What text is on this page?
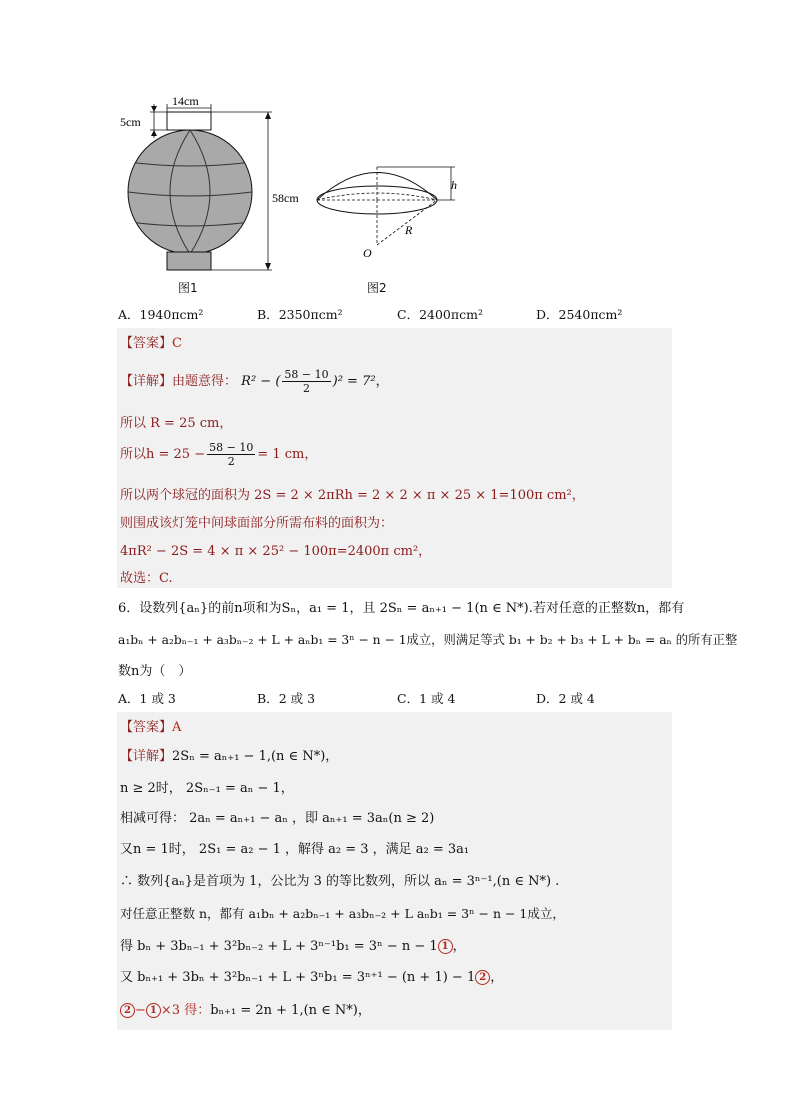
14cm
5cm
58cm
图1
h
R
O
图2
A．1940πcm²	B．2350πcm²	C．2400πcm²	D．2540πcm²
【答案】C
【详解】由题意得： R² − ( $\frac{58 - 10}{2} )^2 = 7^2$，
所以 R = 25 cm，
所以$h = 25 - \frac{58 - 10}{2} = 1$ cm，
所以两个球冠的面积为 2S = 2 × 2πRh = 2 × 2 × π × 25 × 1=100π cm²，
则围成该灯笼中间球面部分所需布料的面积为：
4πR² − 2S = 4 × π × 25² − 100π=2400π cm²，
故选：C.
6．设数列{aₙ}的前n项和为Sₙ，a₁ = 1，且 2Sₙ = aₙ₊₁ − 1(n ∈ N*).若对任意的正整数n，都有
a₁bₙ + a₂bₙ₋₁ + a₃bₙ₋₂ + L + aₙb₁ = 3ⁿ − n − 1成立，则满足等式 b₁ + b₂ + b₃ + L + bₙ = aₙ 的所有正整
数n为（　）
A．1 或 3	B．2 或 3	C．1 或 4	D．2 或 4
【答案】A
【详解】2Sₙ = aₙ₊₁ − 1,(n ∈ N*)，
n ≥ 2时， 2Sₙ₋₁ = aₙ − 1，
相减可得： 2aₙ = aₙ₊₁ − aₙ ，即 aₙ₊₁ = 3aₙ(n ≥ 2)
又n = 1时， 2S₁ = a₂ − 1 ，解得 a₂ = 3 ，满足 a₂ = 3a₁
∴ 数列{aₙ}是首项为 1，公比为 3 的等比数列，所以 aₙ = 3ⁿ⁻¹,(n ∈ N*) .
对任意正整数 n，都有 a₁bₙ + a₂bₙ₋₁ + a₃bₙ₋₂ + L aₙb₁ = 3ⁿ − n − 1成立，
得 bₙ + 3bₙ₋₁ + 3²bₙ₋₂ + L + 3ⁿ⁻¹b₁ = 3ⁿ − n − 1 1 ，
又 bₙ₊₁ + 3bₙ + 3²bₙ₋₁ + L + 3ⁿb₁ = 3ⁿ⁺¹ − (n + 1) − 1 2 ，
2 − 1 ×3 得：bₙ₊₁ = 2n + 1,(n ∈ N*)，
